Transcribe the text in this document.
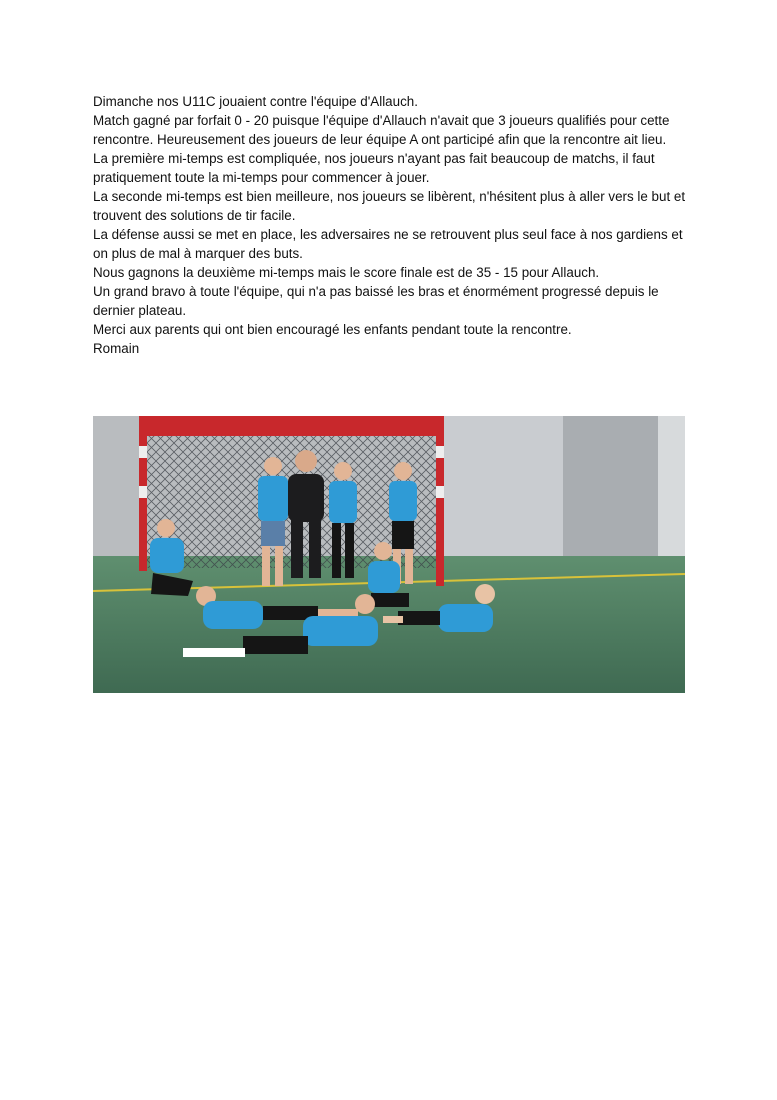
Dimanche nos U11C jouaient contre l'équipe d'Allauch.

Match gagné par forfait 0 - 20 puisque l'équipe d'Allauch n'avait que 3 joueurs qualifiés pour cette rencontre. Heureusement des joueurs de leur équipe A ont participé afin que la rencontre ait lieu.

La première mi-temps est compliquée, nos joueurs n'ayant pas fait beaucoup de matchs, il faut pratiquement toute la mi-temps pour commencer à jouer.

La seconde mi-temps est bien meilleure, nos joueurs se libèrent, n'hésitent plus à aller vers le but et trouvent des solutions de tir facile.

La défense aussi se met en place, les adversaires ne se retrouvent plus seul face à nos gardiens et on plus de mal à marquer des buts.

Nous gagnons la deuxième mi-temps mais le score finale est de 35 - 15 pour Allauch.

Un grand bravo à toute l'équipe, qui n'a pas baissé les bras et énormément progressé depuis le dernier plateau.

Merci aux parents qui ont bien encouragé les enfants pendant toute la rencontre.

Romain
